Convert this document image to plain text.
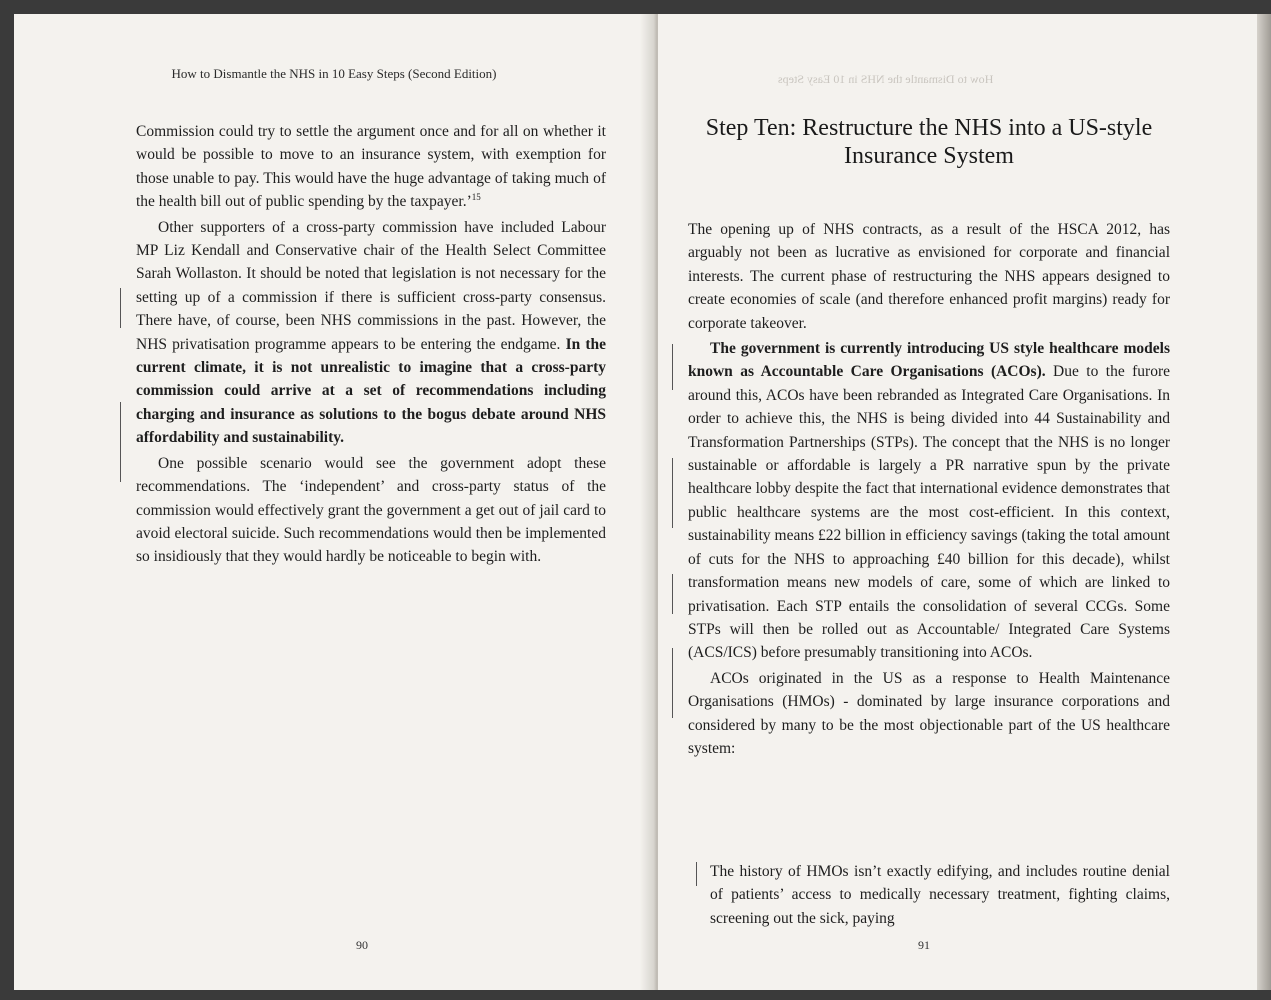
How to Dismantle the NHS in 10 Easy Steps (Second Edition)

Commission could try to settle the argument once and for all on whether it would be possible to move to an insurance system, with exemption for those unable to pay. This would have the huge advantage of taking much of the health bill out of public spending by the taxpayer.’$^{15}$

Other supporters of a cross-party commission have included Labour MP Liz Kendall and Conservative chair of the Health Select Committee Sarah Wollaston. It should be noted that legislation is not necessary for the setting up of a commission if there is sufficient cross-party consensus. There have, of course, been NHS commissions in the past. However, the NHS privatisation programme appears to be entering the endgame. In the current climate, it is not unrealistic to imagine that a cross-party commission could arrive at a set of recommendations including charging and insurance as solutions to the bogus debate around NHS affordability and sustainability.

One possible scenario would see the government adopt these recommendations. The ‘independent’ and cross-party status of the commission would effectively grant the government a get out of jail card to avoid electoral suicide. Such recommendations would then be implemented so insidiously that they would hardly be noticeable to begin with.

90
How to Dismantle the NHS in 10 Easy Steps
Step Ten: Restructure the NHS into a US-style Insurance System

The opening up of NHS contracts, as a result of the HSCA 2012, has arguably not been as lucrative as envisioned for corporate and financial interests. The current phase of restructuring the NHS appears designed to create economies of scale (and therefore enhanced profit margins) ready for corporate takeover.

The government is currently introducing US style healthcare models known as Accountable Care Organisations (ACOs). Due to the furore around this, ACOs have been rebranded as Integrated Care Organisations. In order to achieve this, the NHS is being divided into 44 Sustainability and Transformation Partnerships (STPs). The concept that the NHS is no longer sustainable or affordable is largely a PR narrative spun by the private healthcare lobby despite the fact that international evidence demonstrates that public healthcare systems are the most cost-efficient. In this context, sustainability means £22 billion in efficiency savings (taking the total amount of cuts for the NHS to approaching £40 billion for this decade), whilst transformation means new models of care, some of which are linked to privatisation. Each STP entails the consolidation of several CCGs. Some STPs will then be rolled out as Accountable/ Integrated Care Systems (ACS/ICS) before presumably transitioning into ACOs.

ACOs originated in the US as a response to Health Maintenance Organisations (HMOs) - dominated by large insurance corporations and considered by many to be the most objectionable part of the US healthcare system:

The history of HMOs isn’t exactly edifying, and includes routine denial of patients’ access to medically necessary treatment, fighting claims, screening out the sick, paying
91
